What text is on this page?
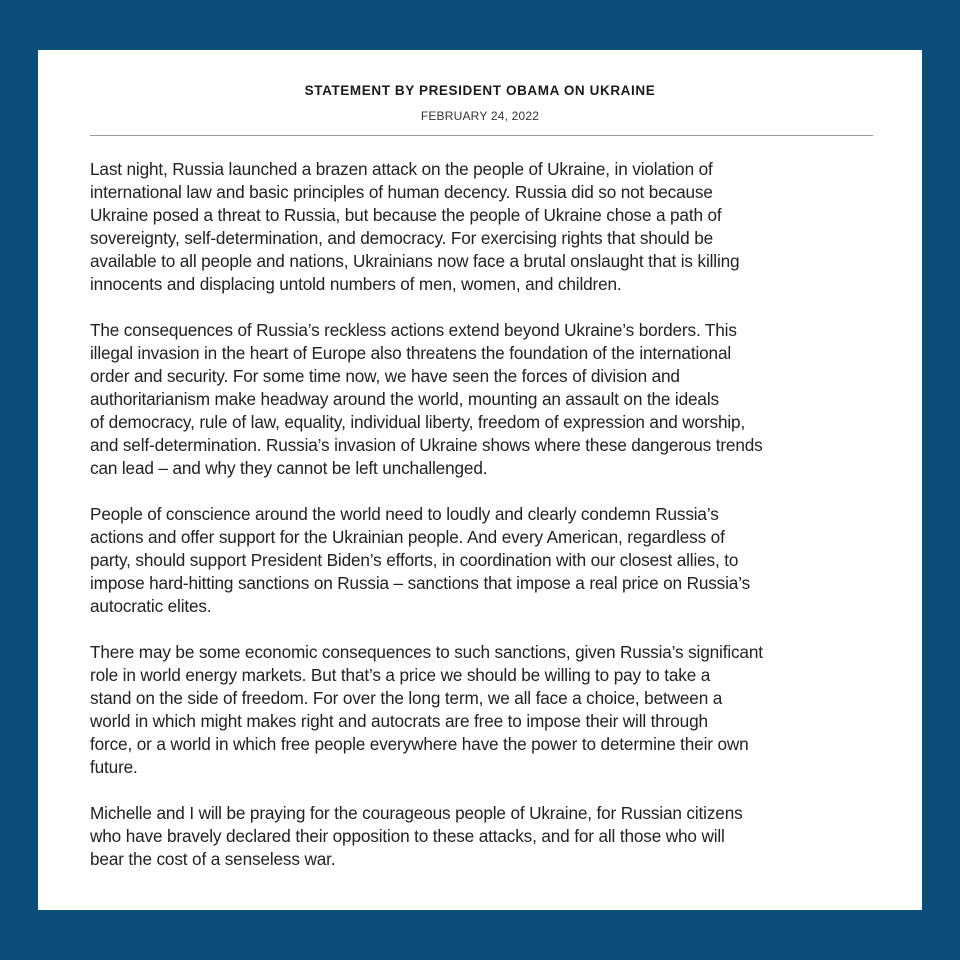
STATEMENT BY PRESIDENT OBAMA ON UKRAINE
FEBRUARY 24, 2022

Last night, Russia launched a brazen attack on the people of Ukraine, in violation of
international law and basic principles of human decency. Russia did so not because
Ukraine posed a threat to Russia, but because the people of Ukraine chose a path of
sovereignty, self-determination, and democracy. For exercising rights that should be
available to all people and nations, Ukrainians now face a brutal onslaught that is killing
innocents and displacing untold numbers of men, women, and children.

The consequences of Russia’s reckless actions extend beyond Ukraine’s borders. This
illegal invasion in the heart of Europe also threatens the foundation of the international
order and security. For some time now, we have seen the forces of division and
authoritarianism make headway around the world, mounting an assault on the ideals
of democracy, rule of law, equality, individual liberty, freedom of expression and worship,
and self-determination. Russia’s invasion of Ukraine shows where these dangerous trends
can lead – and why they cannot be left unchallenged.

People of conscience around the world need to loudly and clearly condemn Russia’s
actions and offer support for the Ukrainian people. And every American, regardless of
party, should support President Biden’s efforts, in coordination with our closest allies, to
impose hard-hitting sanctions on Russia – sanctions that impose a real price on Russia’s
autocratic elites.

There may be some economic consequences to such sanctions, given Russia’s significant
role in world energy markets. But that’s a price we should be willing to pay to take a
stand on the side of freedom. For over the long term, we all face a choice, between a
world in which might makes right and autocrats are free to impose their will through
force, or a world in which free people everywhere have the power to determine their own
future.

Michelle and I will be praying for the courageous people of Ukraine, for Russian citizens
who have bravely declared their opposition to these attacks, and for all those who will
bear the cost of a senseless war.
